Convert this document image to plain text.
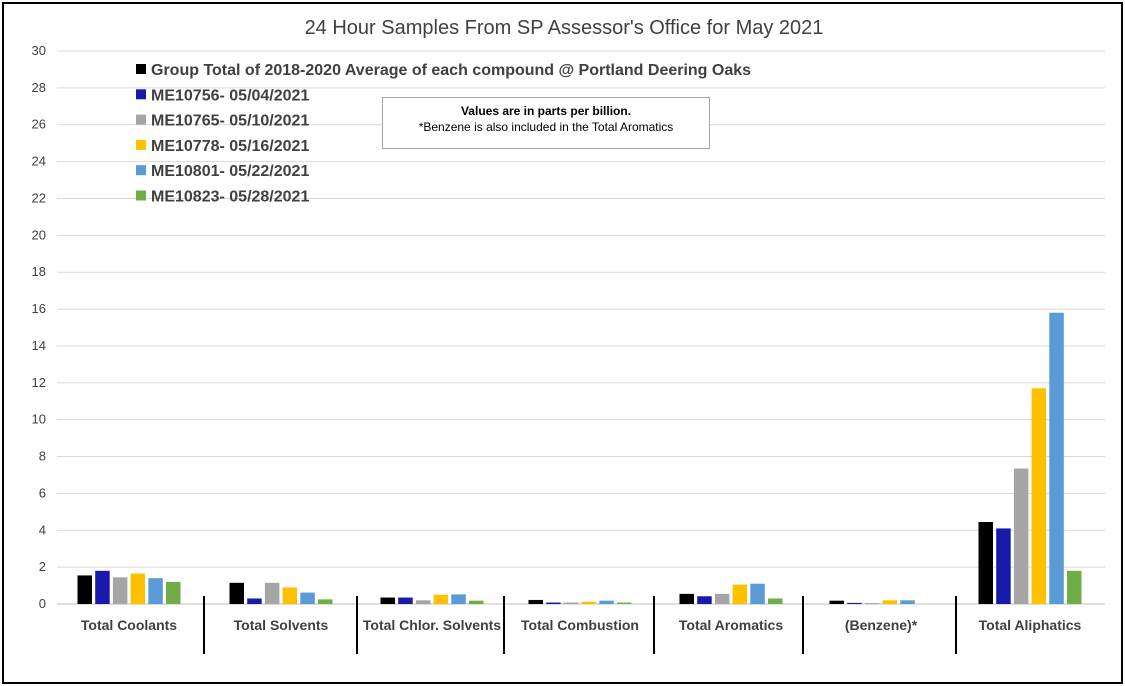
24 Hour Samples From SP Assessor's Office for May 2021
0
2
4
6
8
10
12
14
16
18
20
22
24
26
28
30
Total Coolants	Total Solvents Total Chlor. Solvents Total Combustion	Total Aromatics	(Benzene)*	Total Aliphatics
Group Total of 2018-2020 Average of each compound @ Portland Deering Oaks
ME10756- 05/04/2021
ME10765- 05/10/2021
ME10778- 05/16/2021
ME10801- 05/22/2021
ME10823- 05/28/2021
Values are in parts per billion.
*Benzene is also included in the Total Aromatics
